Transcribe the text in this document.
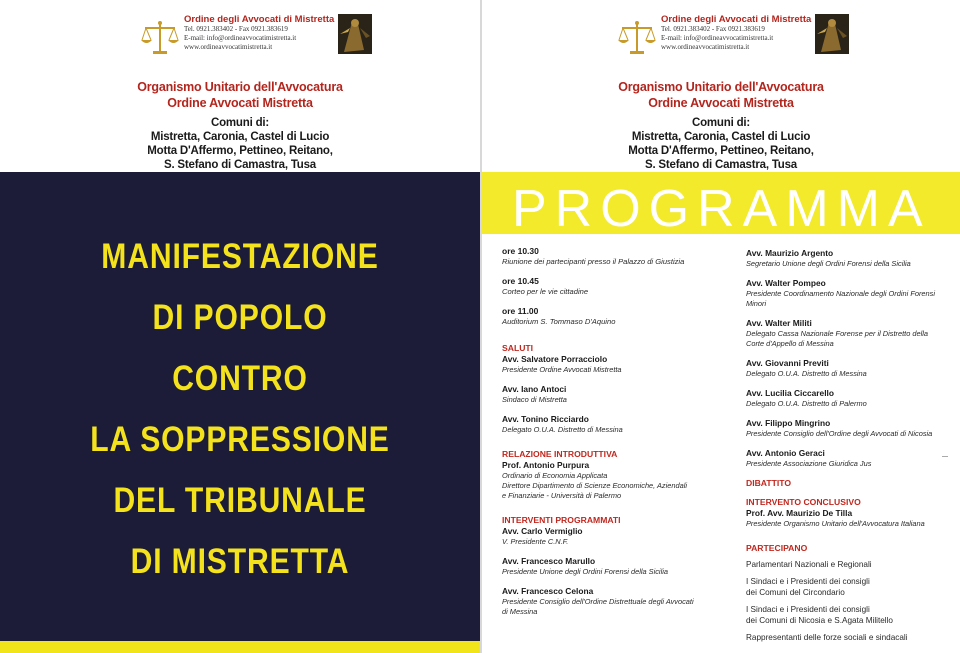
Ordine degli Avvocati di Mistretta
Tel. 0921.383402 - Fax 0921.383619
E-mail: info@ordineavvocatimistretta.it
www.ordineavvocatimistretta.it
Organismo Unitario dell'Avvocatura
Ordine Avvocati Mistretta
Comuni di:
Mistretta, Caronia, Castel di Lucio
Motta D'Affermo, Pettineo, Reitano,
S. Stefano di Camastra, Tusa
MANIFESTAZIONE
DI POPOLO
CONTRO
LA SOPPRESSIONE
DEL TRIBUNALE
DI MISTRETTA
Ordine degli Avvocati di Mistretta
Tel. 0921.383402 - Fax 0921.383619
E-mail: info@ordineavvocatimistretta.it
www.ordineavvocatimistretta.it
Organismo Unitario dell'Avvocatura
Ordine Avvocati Mistretta
Comuni di:
Mistretta, Caronia, Castel di Lucio
Motta D'Affermo, Pettineo, Reitano,
S. Stefano di Camastra, Tusa
PROGRAMMA
ore 10.30
Riunione dei partecipanti presso il Palazzo di Giustizia
ore 10.45
Corteo per le vie cittadine
ore 11.00
Auditorium S. Tommaso D'Aquino
SALUTI
Avv. Salvatore Porracciolo
Presidente Ordine Avvocati Mistretta
Avv. Iano Antoci
Sindaco di Mistretta
Avv. Tonino Ricciardo
Delegato O.U.A. Distretto di Messina
RELAZIONE INTRODUTTIVA
Prof. Antonio Purpura
Ordinario di Economia Applicata
Direttore Dipartimento di Scienze Economiche, Aziendali
e Finanziarie - Università di Palermo
INTERVENTI PROGRAMMATI
Avv. Carlo Vermiglio
V. Presidente C.N.F.
Avv. Francesco Marullo
Presidente Unione degli Ordini Forensi della Sicilia
Avv. Francesco Celona
Presidente Consiglio dell'Ordine Distrettuale degli Avvocati
di Messina
Avv. Maurizio Argento
Segretario Unione degli Ordini Forensi della Sicilia
Avv. Walter Pompeo
Presidente Coordinamento Nazionale degli Ordini Forensi
Minori
Avv. Walter Militi
Delegato Cassa Nazionale Forense per il Distretto della
Corte d'Appello di Messina
Avv. Giovanni Previti
Delegato O.U.A. Distretto di Messina
Avv. Lucilia Ciccarello
Delegato O.U.A. Distretto di Palermo
Avv. Filippo Mingrino
Presidente Consiglio dell'Ordine degli Avvocati di Nicosia
Avv. Antonio Geraci
Presidente Associazione Giuridica Jus
DIBATTITO
INTERVENTO CONCLUSIVO
Prof. Avv. Maurizio De Tilla
Presidente Organismo Unitario dell'Avvocatura Italiana
PARTECIPANO
Parlamentari Nazionali e Regionali
I Sindaci e i Presidenti dei consigli
dei Comuni del Circondario
I Sindaci e i Presidenti dei consigli
dei Comuni di Nicosia e S.Agata Militello
Rappresentanti delle forze sociali e sindacali
